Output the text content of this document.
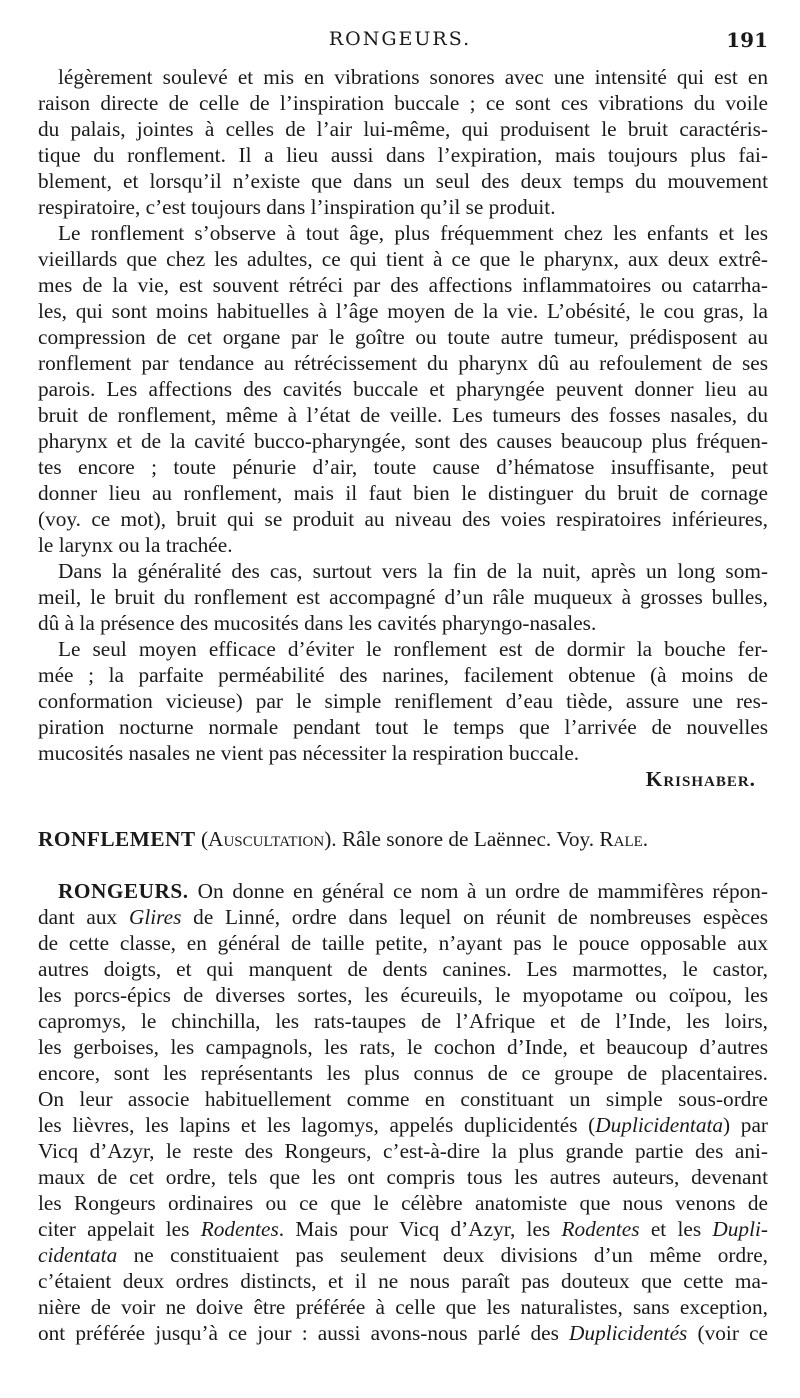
RONGEURS.	191
légèrement soulevé et mis en vibrations sonores avec une intensité qui est en
raison directe de celle de l’inspiration buccale ; ce sont ces vibrations du voile
du palais, jointes à celles de l’air lui-même, qui produisent le bruit caractéris-
tique du ronflement. Il a lieu aussi dans l’expiration, mais toujours plus fai-
blement, et lorsqu’il n’existe que dans un seul des deux temps du mouvement
respiratoire, c’est toujours dans l’inspiration qu’il se produit.
Le ronflement s’observe à tout âge, plus fréquemment chez les enfants et les
vieillards que chez les adultes, ce qui tient à ce que le pharynx, aux deux extrê-
mes de la vie, est souvent rétréci par des affections inflammatoires ou catarrha-
les, qui sont moins habituelles à l’âge moyen de la vie. L’obésité, le cou gras, la
compression de cet organe par le goître ou toute autre tumeur, prédisposent au
ronflement par tendance au rétrécissement du pharynx dû au refoulement de ses
parois. Les affections des cavités buccale et pharyngée peuvent donner lieu au
bruit de ronflement, même à l’état de veille. Les tumeurs des fosses nasales, du
pharynx et de la cavité bucco-pharyngée, sont des causes beaucoup plus fréquen-
tes encore ; toute pénurie d’air, toute cause d’hématose insuffisante, peut
donner lieu au ronflement, mais il faut bien le distinguer du bruit de cornage
(voy. ce mot), bruit qui se produit au niveau des voies respiratoires inférieures,
le larynx ou la trachée.
Dans la généralité des cas, surtout vers la fin de la nuit, après un long som-
meil, le bruit du ronflement est accompagné d’un râle muqueux à grosses bulles,
dû à la présence des mucosités dans les cavités pharyngo-nasales.
Le seul moyen efficace d’éviter le ronflement est de dormir la bouche fer-
mée ; la parfaite perméabilité des narines, facilement obtenue (à moins de
conformation vicieuse) par le simple reniflement d’eau tiède, assure une res-
piration nocturne normale pendant tout le temps que l’arrivée de nouvelles
mucosités nasales ne vient pas nécessiter la respiration buccale.
Krishaber.
RONFLEMENT (Auscultation). Râle sonore de Laënnec. Voy. Rale.
RONGEURS. On donne en général ce nom à un ordre de mammifères répon-
dant aux Glires de Linné, ordre dans lequel on réunit de nombreuses espèces
de cette classe, en général de taille petite, n’ayant pas le pouce opposable aux
autres doigts, et qui manquent de dents canines. Les marmottes, le castor,
les porcs-épics de diverses sortes, les écureuils, le myopotame ou coïpou, les
capromys, le chinchilla, les rats-taupes de l’Afrique et de l’Inde, les loirs,
les gerboises, les campagnols, les rats, le cochon d’Inde, et beaucoup d’autres
encore, sont les représentants les plus connus de ce groupe de placentaires.
On leur associe habituellement comme en constituant un simple sous-ordre
les lièvres, les lapins et les lagomys, appelés duplicidentés (Duplicidentata) par
Vicq d’Azyr, le reste des Rongeurs, c’est-à-dire la plus grande partie des ani-
maux de cet ordre, tels que les ont compris tous les autres auteurs, devenant
les Rongeurs ordinaires ou ce que le célèbre anatomiste que nous venons de
citer appelait les Rodentes. Mais pour Vicq d’Azyr, les Rodentes et les Dupli-
cidentata ne constituaient pas seulement deux divisions d’un même ordre,
c’étaient deux ordres distincts, et il ne nous paraît pas douteux que cette ma-
nière de voir ne doive être préférée à celle que les naturalistes, sans exception,
ont préférée jusqu’à ce jour : aussi avons-nous parlé des Duplicidentés (voir ce
